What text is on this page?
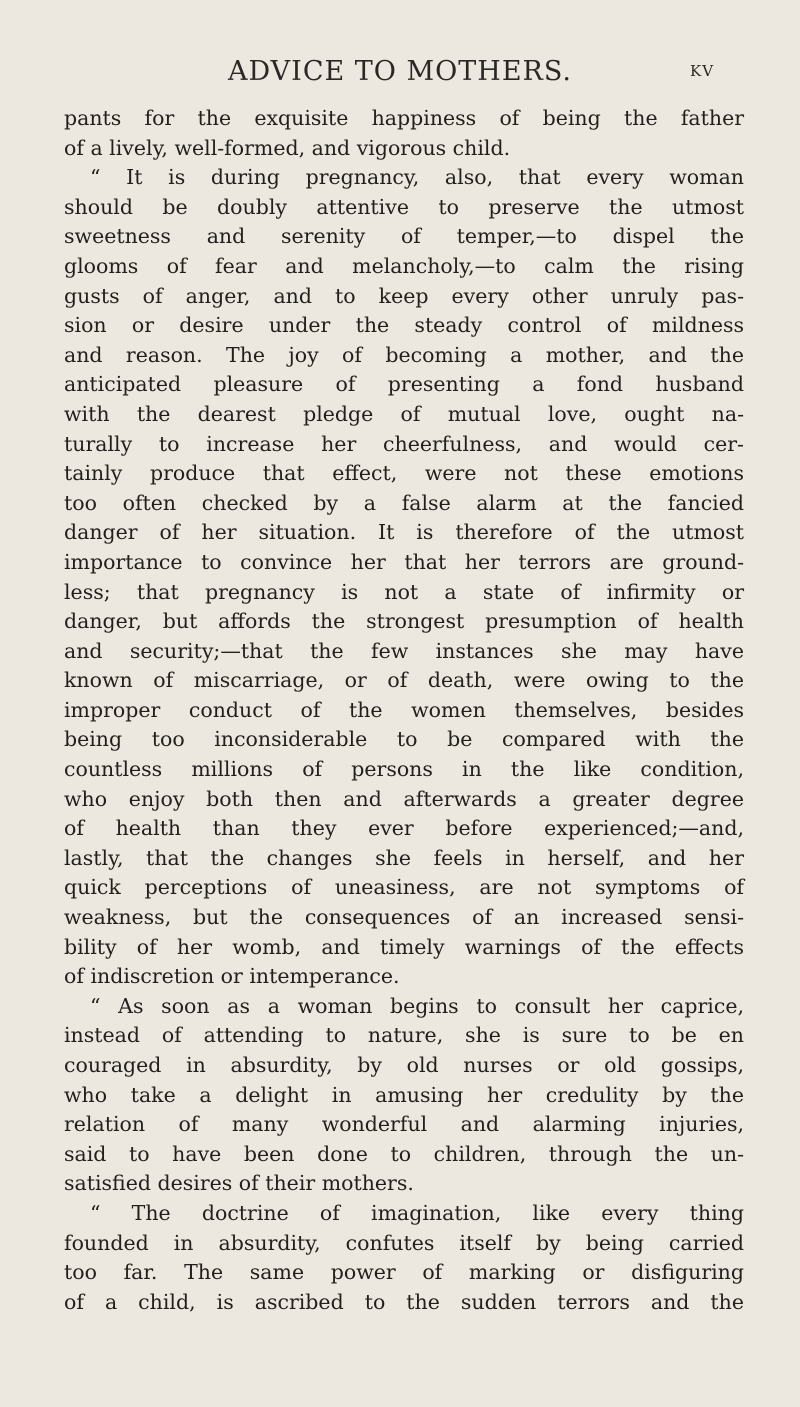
ADVICE TO MOTHERS.	KV
pants for the exquisite happiness of being the father
of a lively, well-formed, and vigorous child.
“ It is during pregnancy, also, that every woman
should be doubly attentive to preserve the utmost
sweetness and serenity of temper,—to dispel the
glooms of fear and melancholy,—to calm the rising
gusts of anger, and to keep every other unruly pas-
sion or desire under the steady control of mildness
and reason. The joy of becoming a mother, and the
anticipated pleasure of presenting a fond husband
with the dearest pledge of mutual love, ought na-
turally to increase her cheerfulness, and would cer-
tainly produce that effect, were not these emotions
too often checked by a false alarm at the fancied
danger of her situation. It is therefore of the utmost
importance to convince her that her terrors are ground-
less; that pregnancy is not a state of infirmity or
danger, but affords the strongest presumption of health
and security;—that the few instances she may have
known of miscarriage, or of death, were owing to the
improper conduct of the women themselves, besides
being too inconsiderable to be compared with the
countless millions of persons in the like condition,
who enjoy both then and afterwards a greater degree
of health than they ever before experienced;—and,
lastly, that the changes she feels in herself, and her
quick perceptions of uneasiness, are not symptoms of
weakness, but the consequences of an increased sensi-
bility of her womb, and timely warnings of the effects
of indiscretion or intemperance.
“ As soon as a woman begins to consult her caprice,
instead of attending to nature, she is sure to be en
couraged in absurdity, by old nurses or old gossips,
who take a delight in amusing her credulity by the
relation of many wonderful and alarming injuries,
said to have been done to children, through the un-
satisfied desires of their mothers.
“ The doctrine of imagination, like every thing
founded in absurdity, confutes itself by being carried
too far. The same power of marking or disfiguring
of a child, is ascribed to the sudden terrors and the
